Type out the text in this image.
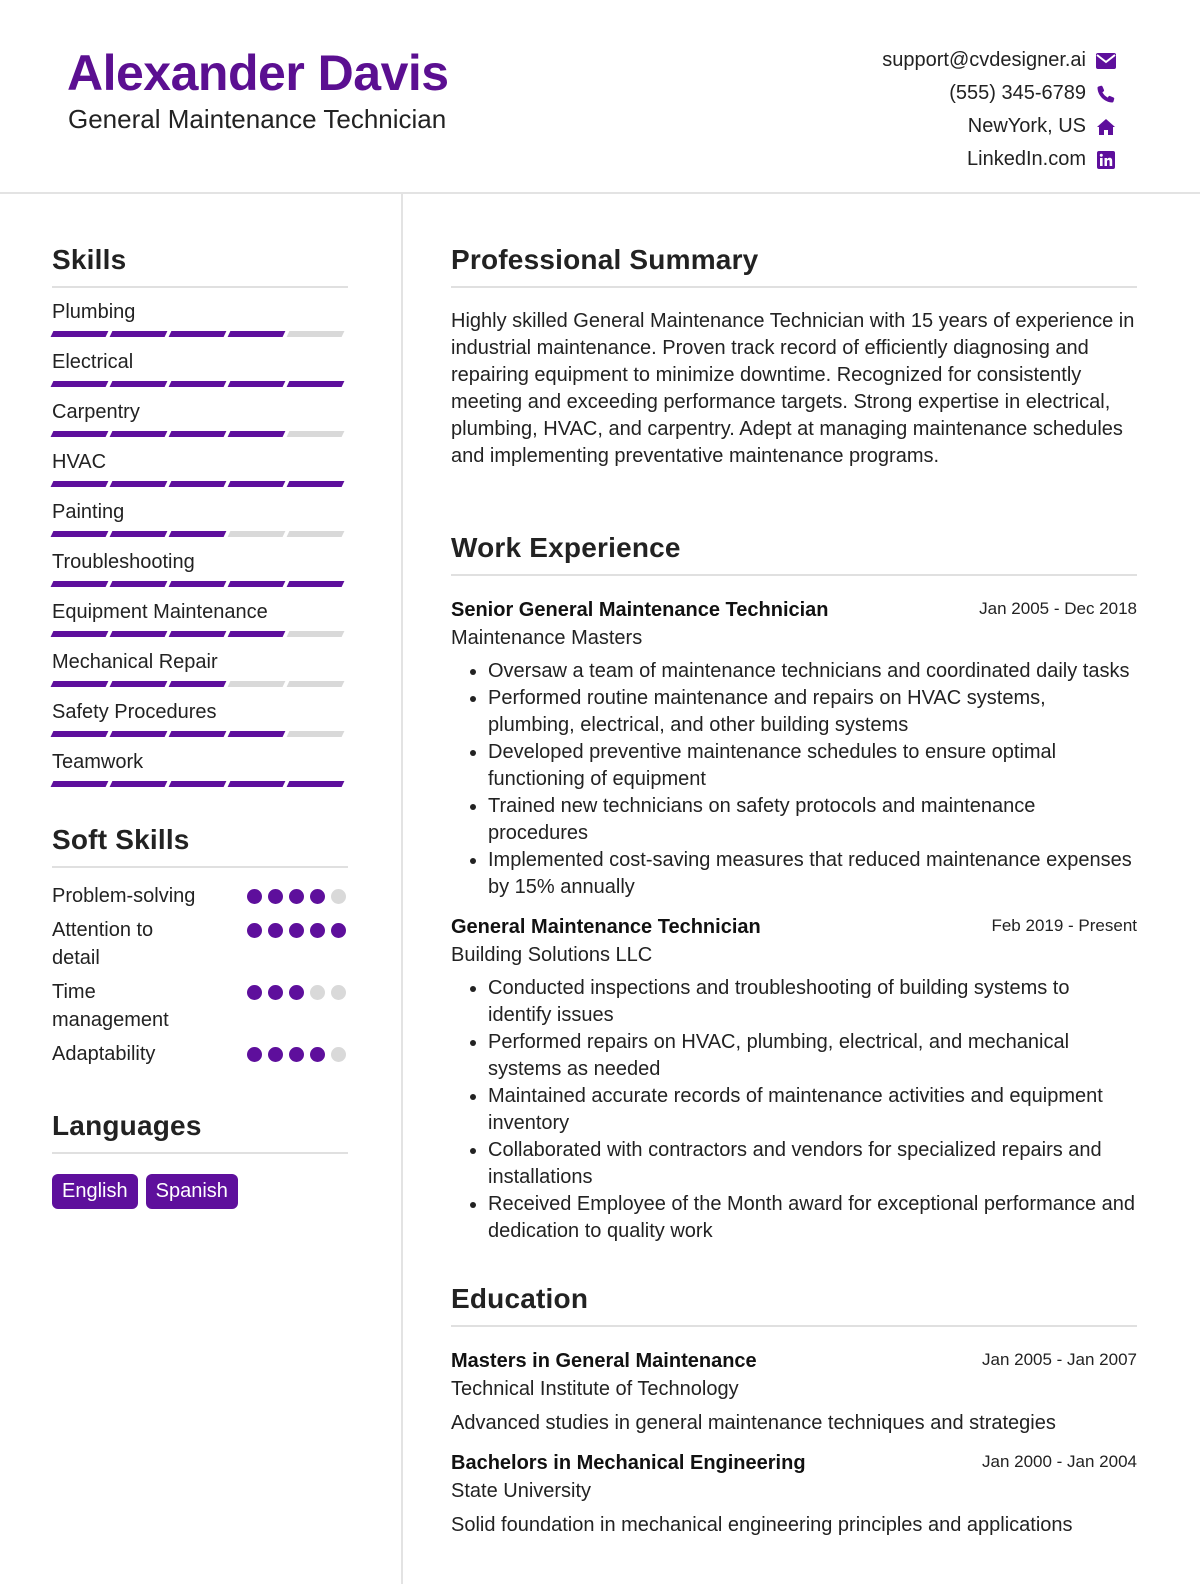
Alexander Davis
General Maintenance Technician
support@cvdesigner.ai
(555) 345-6789
NewYork, US
LinkedIn.com
Skills
Plumbing
Electrical
Carpentry
HVAC
Painting
Troubleshooting
Equipment Maintenance
Mechanical Repair
Safety Procedures
Teamwork
Soft Skills
Problem-solving
Attention to detail
Time management
Adaptability
Languages
English	Spanish
Professional Summary
Highly skilled General Maintenance Technician with 15 years of experience in industrial maintenance. Proven track record of efficiently diagnosing and repairing equipment to minimize downtime. Recognized for consistently meeting and exceeding performance targets. Strong expertise in electrical, plumbing, HVAC, and carpentry. Adept at managing maintenance schedules and implementing preventative maintenance programs.
Work Experience
Senior General Maintenance Technician	Jan 2005 - Dec 2018
Maintenance Masters
• Oversaw a team of maintenance technicians and coordinated daily tasks
• Performed routine maintenance and repairs on HVAC systems, plumbing, electrical, and other building systems
• Developed preventive maintenance schedules to ensure optimal functioning of equipment
• Trained new technicians on safety protocols and maintenance procedures
• Implemented cost-saving measures that reduced maintenance expenses by 15% annually
General Maintenance Technician	Feb 2019 - Present
Building Solutions LLC
• Conducted inspections and troubleshooting of building systems to identify issues
• Performed repairs on HVAC, plumbing, electrical, and mechanical systems as needed
• Maintained accurate records of maintenance activities and equipment inventory
• Collaborated with contractors and vendors for specialized repairs and installations
• Received Employee of the Month award for exceptional performance and dedication to quality work
Education
Masters in General Maintenance	Jan 2005 - Jan 2007
Technical Institute of Technology
Advanced studies in general maintenance techniques and strategies
Bachelors in Mechanical Engineering	Jan 2000 - Jan 2004
State University
Solid foundation in mechanical engineering principles and applications
